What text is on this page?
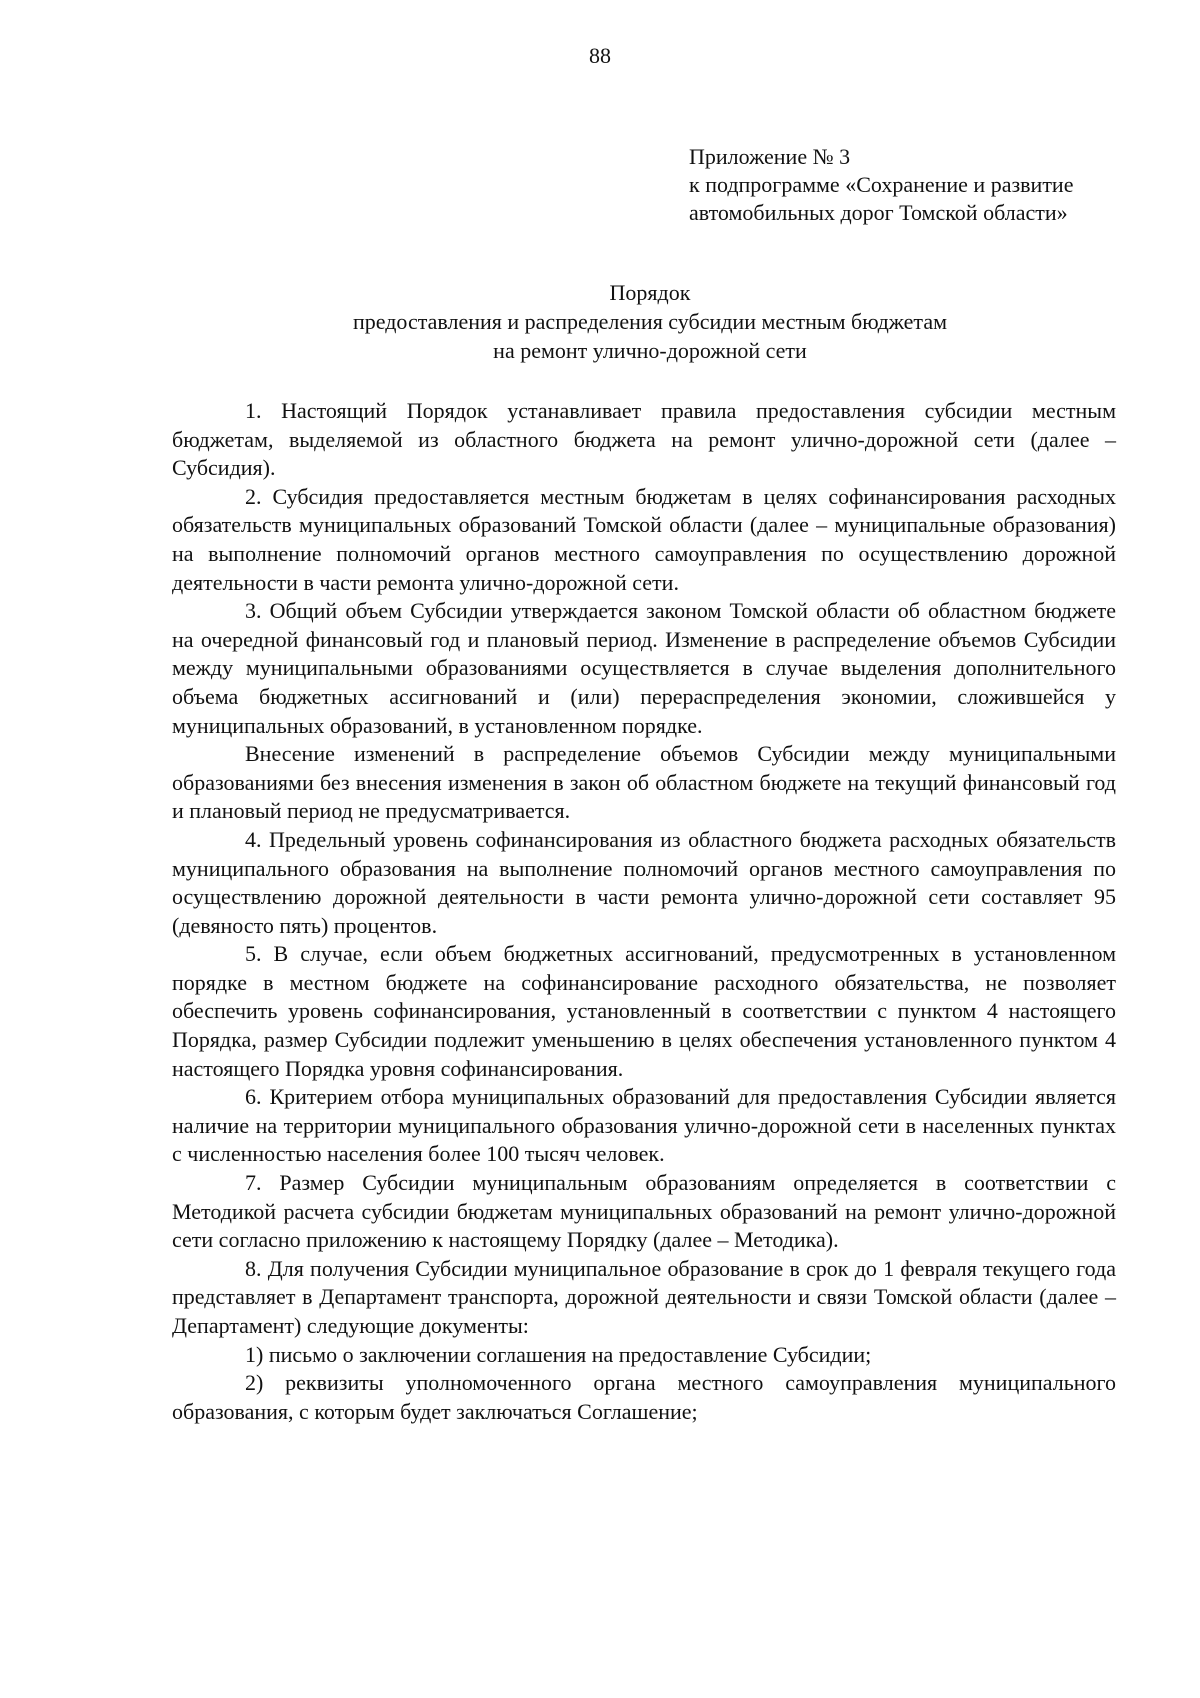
88
Приложение № 3
к подпрограмме «Сохранение и развитие
автомобильных дорог Томской области»
Порядок
предоставления и распределения субсидии местным бюджетам
на ремонт улично-дорожной сети

1. Настоящий Порядок устанавливает правила предоставления субсидии местным бюджетам, выделяемой из областного бюджета на ремонт улично-дорожной сети (далее – Субсидия).

2. Субсидия предоставляется местным бюджетам в целях софинансирования расходных обязательств муниципальных образований Томской области (далее – муниципальные образования) на выполнение полномочий органов местного самоуправления по осуществлению дорожной деятельности в части ремонта улично-дорожной сети.

3. Общий объем Субсидии утверждается законом Томской области об областном бюджете на очередной финансовый год и плановый период. Изменение в распределение объемов Субсидии между муниципальными образованиями осуществляется в случае выделения дополнительного объема бюджетных ассигнований и (или) перераспределения экономии, сложившейся у муниципальных образований, в установленном порядке.

Внесение изменений в распределение объемов Субсидии между муниципальными образованиями без внесения изменения в закон об областном бюджете на текущий финансовый год и плановый период не предусматривается.

4. Предельный уровень софинансирования из областного бюджета расходных обязательств муниципального образования на выполнение полномочий органов местного самоуправления по осуществлению дорожной деятельности в части ремонта улично-дорожной сети составляет 95 (девяносто пять) процентов.

5. В случае, если объем бюджетных ассигнований, предусмотренных в установленном порядке в местном бюджете на софинансирование расходного обязательства, не позволяет обеспечить уровень софинансирования, установленный в соответствии с пунктом 4 настоящего Порядка, размер Субсидии подлежит уменьшению в целях обеспечения установленного пунктом 4 настоящего Порядка уровня софинансирования.

6. Критерием отбора муниципальных образований для предоставления Субсидии является наличие на территории муниципального образования улично-дорожной сети в населенных пунктах с численностью населения более 100 тысяч человек.

7. Размер Субсидии муниципальным образованиям определяется в соответствии с Методикой расчета субсидии бюджетам муниципальных образований на ремонт улично-дорожной сети согласно приложению к настоящему Порядку (далее – Методика).

8. Для получения Субсидии муниципальное образование в срок до 1 февраля текущего года представляет в Департамент транспорта, дорожной деятельности и связи Томской области (далее – Департамент) следующие документы:

1) письмо о заключении соглашения на предоставление Субсидии;

2) реквизиты уполномоченного органа местного самоуправления муниципального образования, с которым будет заключаться Соглашение;
